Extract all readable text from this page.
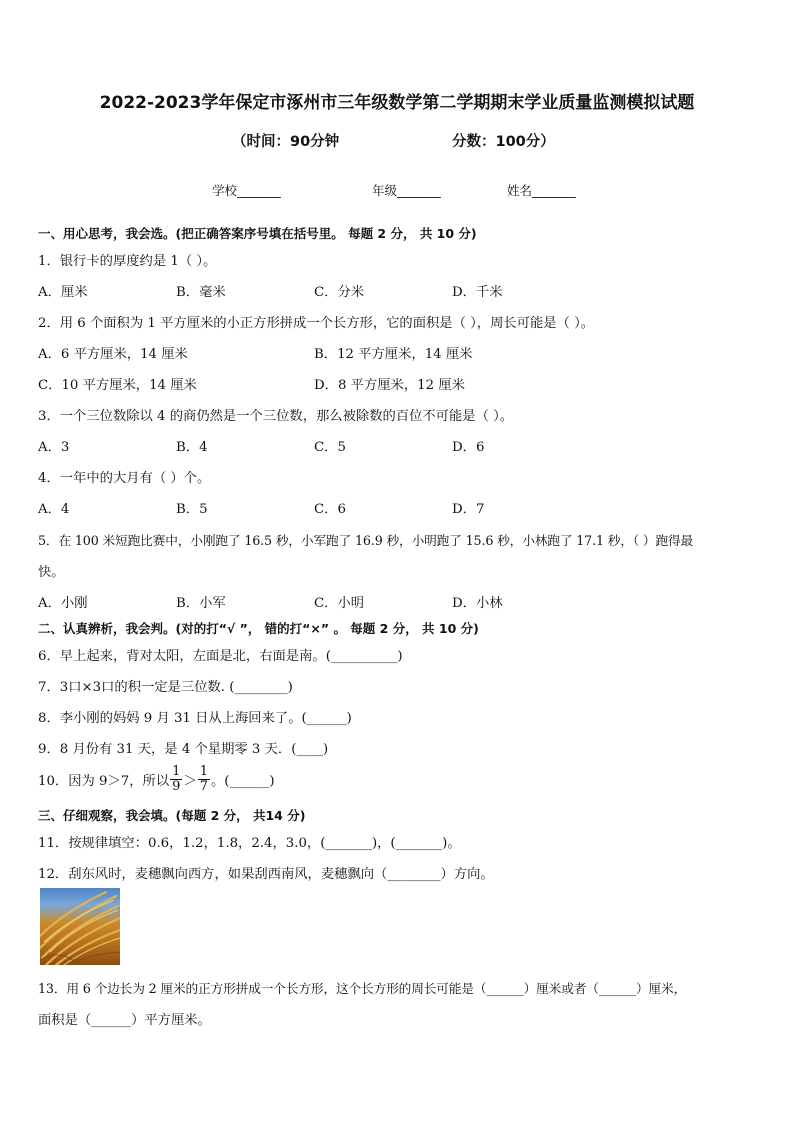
2022-2023学年保定市涿州市三年级数学第二学期期末学业质量监测模拟试题
（时间：90分钟	分数：100分）
学校_______	年级_______	姓名_______
一、用心思考，我会选。(把正确答案序号填在括号里。 每题 2 分， 共 10 分)
1．银行卡的厚度约是 1（ ）。
A．厘米	B．毫米	C．分米	D．千米
2．用 6 个面积为 1 平方厘米的小正方形拼成一个长方形，它的面积是（ ），周长可能是（ ）。
A．6 平方厘米，14 厘米	B．12 平方厘米，14 厘米
C．10 平方厘米，14 厘米	D．8 平方厘米，12 厘米
3．一个三位数除以 4 的商仍然是一个三位数，那么被除数的百位不可能是（ ）。
A．3	B．4	C．5	D．6
4．一年中的大月有（ ）个。
A．4	B．5	C．6	D．7
5．在 100 米短跑比赛中，小刚跑了 16.5 秒，小军跑了 16.9 秒，小明跑了 15.6 秒，小林跑了 17.1 秒，（ ）跑得最
快。
A．小刚	B．小军	C．小明	D．小林
二、认真辨析，我会判。(对的打“√ ”， 错的打“×” 。 每题 2 分， 共 10 分)
6．早上起来，背对太阳，左面是北，右面是南。(__________)
7．3口×3口的积一定是三位数. (________)
8．李小刚的妈妈 9 月 31 日从上海回来了。(______)
9．8 月份有 31 天，是 4 个星期零 3 天．(____)
10．因为 9＞7，所以 $\frac{1}{9} > \frac{1}{7}$ 。(______)
三、仔细观察，我会填。(每题 2 分， 共14 分)
11．按规律填空：0.6，1.2，1.8，2.4，3.0，(_______)，(_______)。
12．刮东风时，麦穗飘向西方，如果刮西南风，麦穗飘向（________）方向。
13．用 6 个边长为 2 厘米的正方形拼成一个长方形，这个长方形的周长可能是（______）厘米或者（______）厘米，
面积是（______）平方厘米。
